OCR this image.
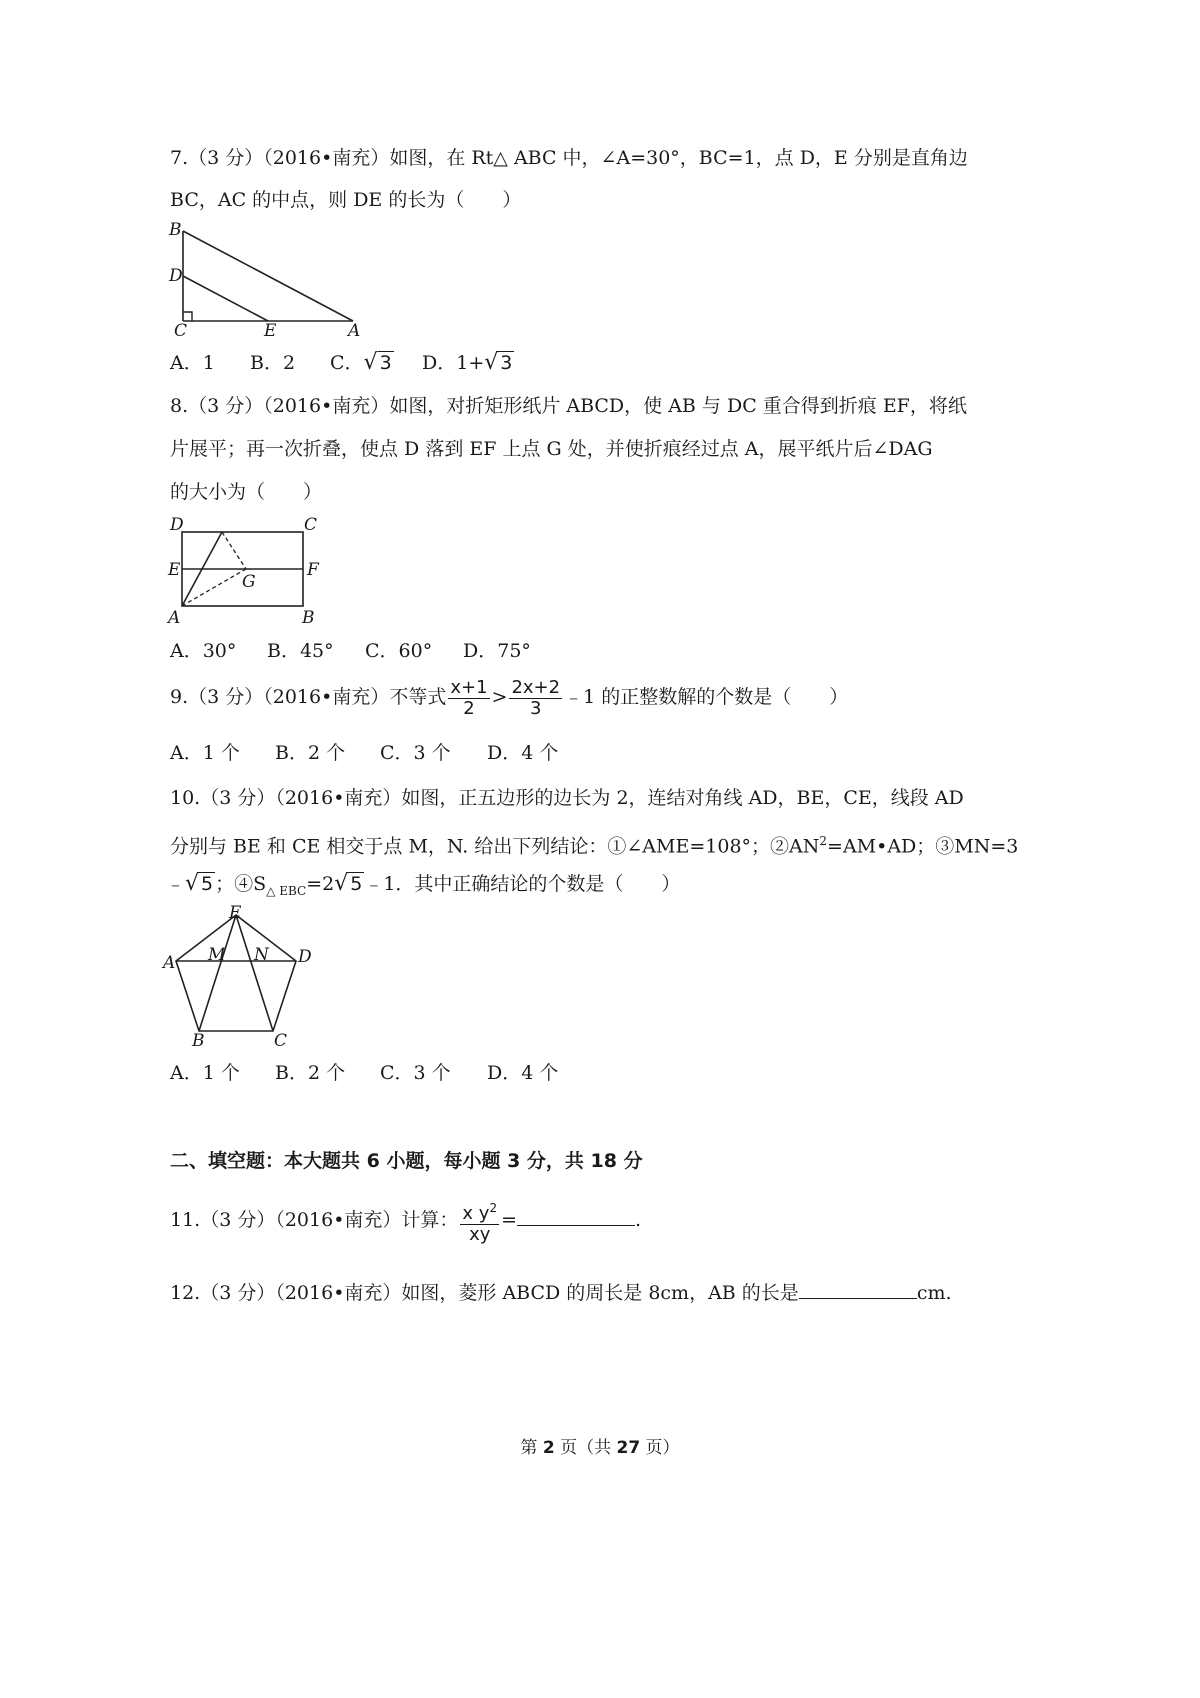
7.（3 分）（2016•南充）如图，在 Rt△ ABC 中，∠A=30°，BC=1，点 D，E 分别是直角边
BC，AC 的中点，则 DE 的长为（　　）
B
D
C	E	A
A．1 B．2 C．√ 3 D．1+√ 3
8.（3 分）（2016•南充）如图，对折矩形纸片 ABCD，使 AB 与 DC 重合得到折痕 EF，将纸
片展平；再一次折叠，使点 D 落到 EF 上点 G 处，并使折痕经过点 A，展平纸片后∠DAG
的大小为（　　）
D	C
E
G
F
A	B
A．30° B．45° C．60° D．75°
9.（3 分）（2016•南充）不等式 $\frac{x+1}{2} > \frac{2x+2}{3}$ ﹣1 的正整数解的个数是（　　）
A．1 个 B．2 个 C．3 个 D．4 个
10.（3 分）（2016•南充）如图，正五边形的边长为 2，连结对角线 AD，BE，CE，线段 AD
分别与 BE 和 CE 相交于点 M，N. 给出下列结论：①∠AME=108°；$②AN^2=AM•AD$；③MN=3
﹣√ 5 ；$④S_{\triangle EBC}=2√$ 5 ﹣1．其中正确结论的个数是（　　）
E
M N
A	D
B	C
A．1 个 B．2 个 C．3 个 D．4 个
二、填空题：本大题共 6 小题，每小题 3 分，共 18 分
11.（3 分）（2016•南充）计算： $\frac{x y^2}{xy}$ =	.
12.（3 分）（2016•南充）如图，菱形 ABCD 的周长是 8cm，AB 的长是	cm.
第 2 页（共 27 页）
